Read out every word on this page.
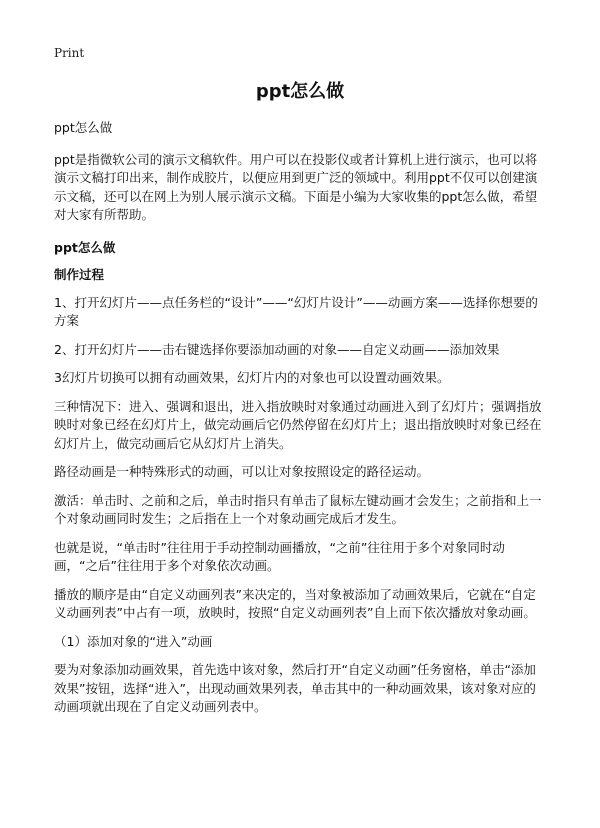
Print
ppt怎么做

ppt怎么做

ppt是指微软公司的演示文稿软件。用户可以在投影仪或者计算机上进行演示，也可以将演示文稿打印出来，制作成胶片，以便应用到更广泛的领域中。利用ppt不仅可以创建演示文稿，还可以在网上为别人展示演示文稿。下面是小编为大家收集的ppt怎么做，希望对大家有所帮助。

ppt怎么做

制作过程

1、打开幻灯片——点任务栏的“设计”——“幻灯片设计”——动画方案——选择你想要的方案

2、打开幻灯片——击右键选择你要添加动画的对象——自定义动画——添加效果

3幻灯片切换可以拥有动画效果，幻灯片内的对象也可以设置动画效果。

三种情况下：进入、强调和退出，进入指放映时对象通过动画进入到了幻灯片；强调指放映时对象已经在幻灯片上，做完动画后它仍然停留在幻灯片上；退出指放映时对象已经在幻灯片上，做完动画后它从幻灯片上消失。

路径动画是一种特殊形式的动画，可以让对象按照设定的路径运动。

激活：单击时、之前和之后，单击时指只有单击了鼠标左键动画才会发生；之前指和上一个对象动画同时发生；之后指在上一个对象动画完成后才发生。

也就是说，“单击时”往往用于手动控制动画播放，“之前”往往用于多个对象同时动画，“之后”往往用于多个对象依次动画。

播放的顺序是由“自定义动画列表”来决定的，当对象被添加了动画效果后，它就在“自定义动画列表”中占有一项，放映时，按照“自定义动画列表”自上而下依次播放对象动画。

（1）添加对象的“进入”动画

要为对象添加动画效果，首先选中该对象，然后打开“自定义动画”任务窗格，单击“添加效果”按钮，选择“进入”，出现动画效果列表，单击其中的一种动画效果，该对象对应的动画项就出现在了自定义动画列表中。
